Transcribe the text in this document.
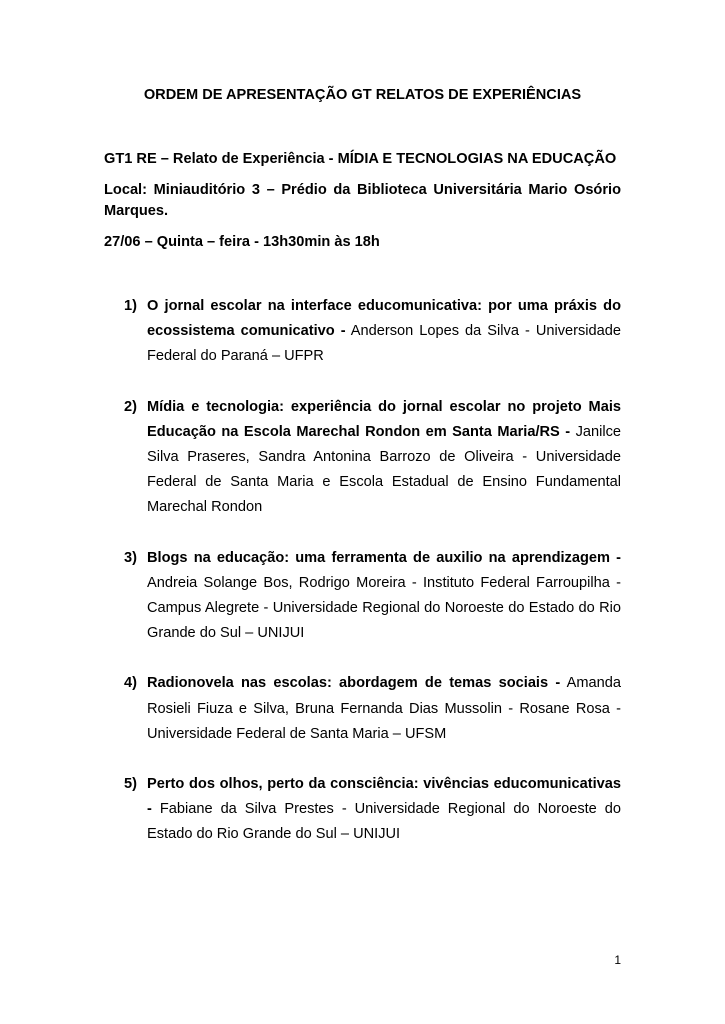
ORDEM DE APRESENTAÇÃO GT RELATOS DE EXPERIÊNCIAS
GT1 RE – Relato de Experiência - MÍDIA E TECNOLOGIAS NA EDUCAÇÃO
Local: Miniauditório 3 – Prédio da Biblioteca Universitária Mario Osório Marques.
27/06 – Quinta – feira - 13h30min às 18h
1) O jornal escolar na interface educomunicativa: por uma práxis do ecossistema comunicativo - Anderson Lopes da Silva - Universidade Federal do Paraná – UFPR
2) Mídia e tecnologia: experiência do jornal escolar no projeto Mais Educação na Escola Marechal Rondon em Santa Maria/RS - Janilce Silva Praseres, Sandra Antonina Barrozo de Oliveira - Universidade Federal de Santa Maria e Escola Estadual de Ensino Fundamental Marechal Rondon
3) Blogs na educação: uma ferramenta de auxilio na aprendizagem - Andreia Solange Bos, Rodrigo Moreira - Instituto Federal Farroupilha - Campus Alegrete - Universidade Regional do Noroeste do Estado do Rio Grande do Sul – UNIJUI
4) Radionovela nas escolas: abordagem de temas sociais - Amanda Rosieli Fiuza e Silva, Bruna Fernanda Dias Mussolin - Rosane Rosa - Universidade Federal de Santa Maria – UFSM
5) Perto dos olhos, perto da consciência: vivências educomunicativas - Fabiane da Silva Prestes - Universidade Regional do Noroeste do Estado do Rio Grande do Sul – UNIJUI
1
